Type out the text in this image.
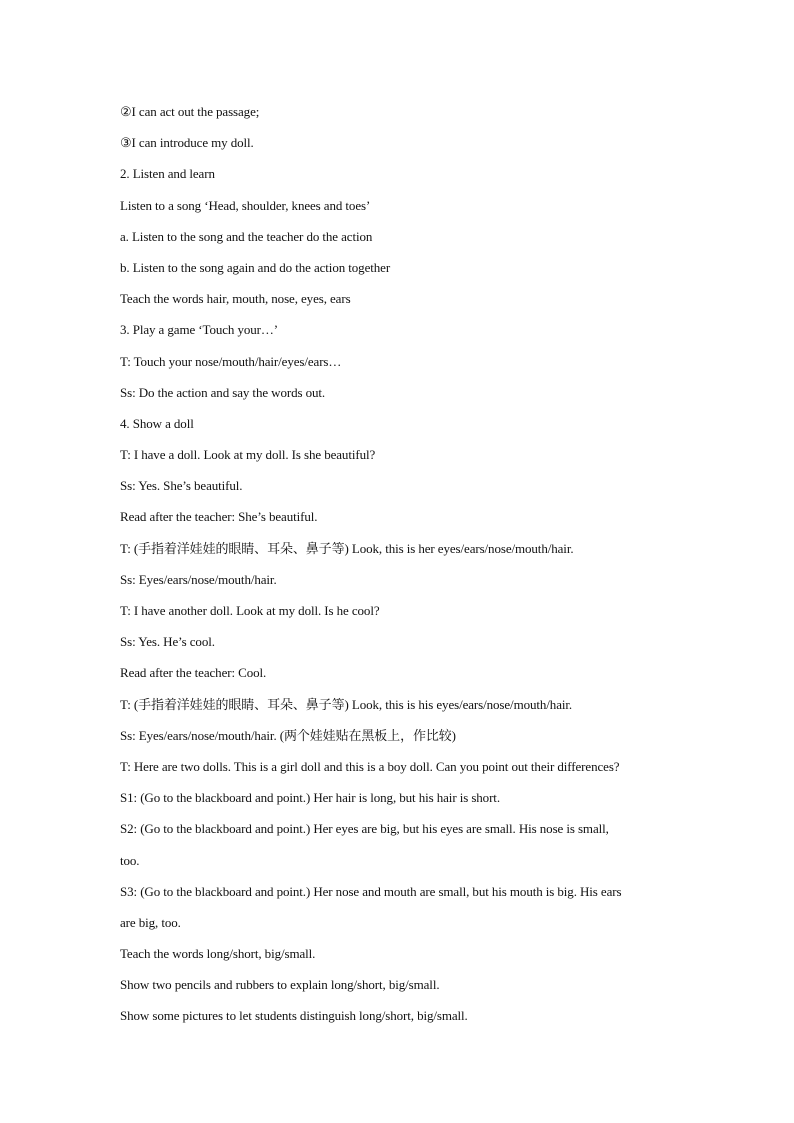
②I can act out the passage;
③I can introduce my doll.
2. Listen and learn
Listen to a song ‘Head, shoulder, knees and toes’
a. Listen to the song and the teacher do the action
b. Listen to the song again and do the action together
Teach the words hair, mouth, nose, eyes, ears
3. Play a game ‘Touch your…’
T: Touch your nose/mouth/hair/eyes/ears…
Ss: Do the action and say the words out.
4. Show a doll
T: I have a doll. Look at my doll. Is she beautiful?
Ss: Yes. She’s beautiful.
Read after the teacher: She’s beautiful.
T: (手指着洋娃娃的眼睛、耳朵、鼻子等) Look, this is her eyes/ears/nose/mouth/hair.
Ss: Eyes/ears/nose/mouth/hair.
T: I have another doll. Look at my doll. Is he cool?
Ss: Yes. He’s cool.
Read after the teacher: Cool.
T: (手指着洋娃娃的眼睛、耳朵、鼻子等) Look, this is his eyes/ears/nose/mouth/hair.
Ss: Eyes/ears/nose/mouth/hair. (两个娃娃贴在黑板上，作比较)
T: Here are two dolls. This is a girl doll and this is a boy doll. Can you point out their differences?
S1: (Go to the blackboard and point.) Her hair is long, but his hair is short.
S2: (Go to the blackboard and point.) Her eyes are big, but his eyes are small. His nose is small,
too.
S3: (Go to the blackboard and point.) Her nose and mouth are small, but his mouth is big. His ears
are big, too.
Teach the words long/short, big/small.
Show two pencils and rubbers to explain long/short, big/small.
Show some pictures to let students distinguish long/short, big/small.
